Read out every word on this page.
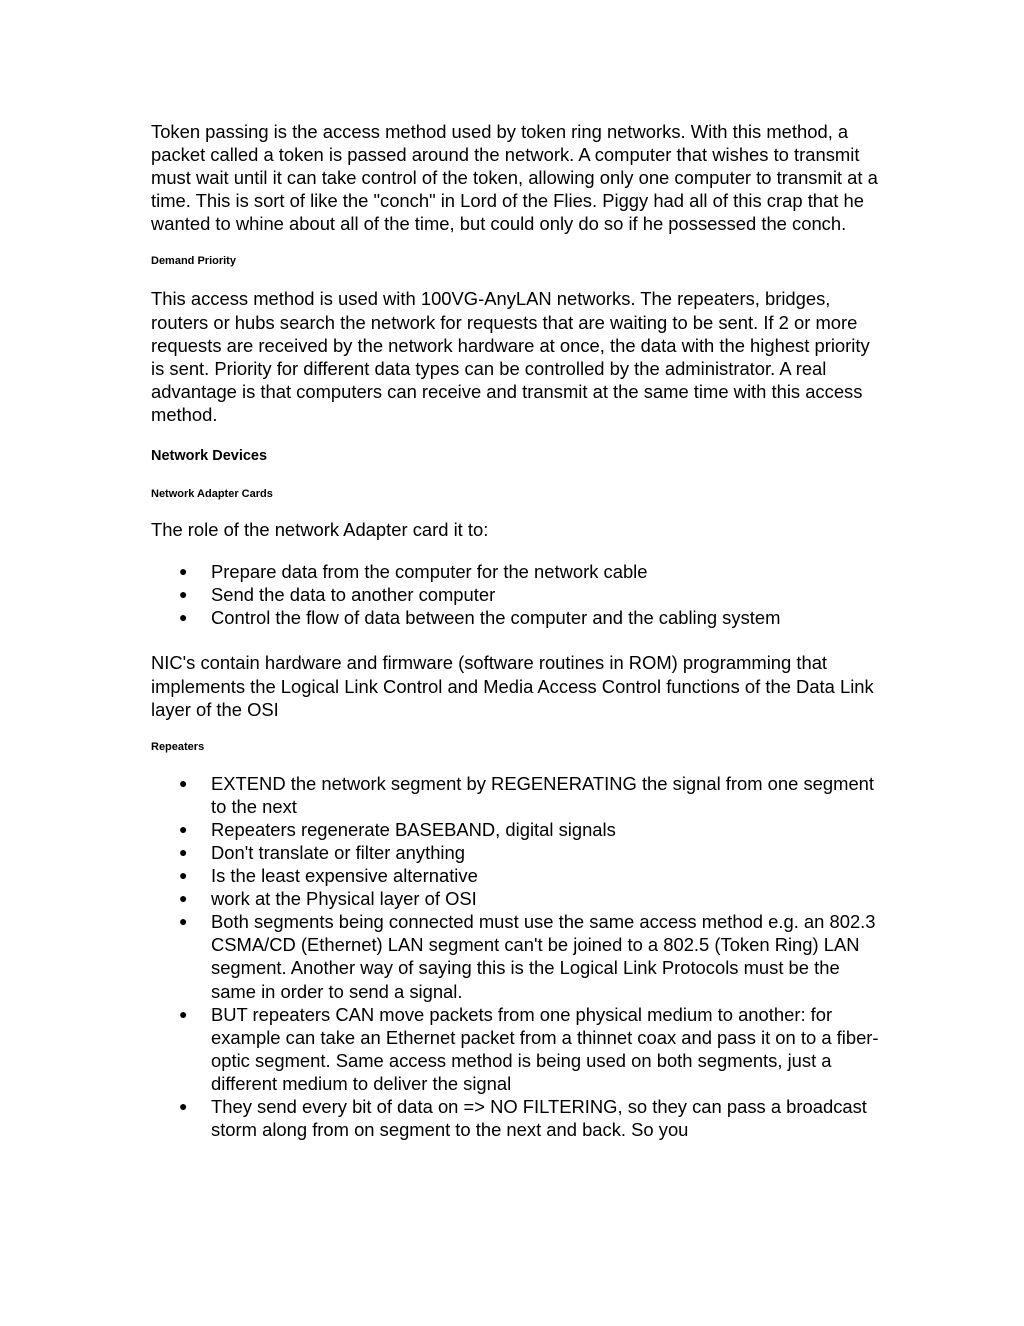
Token passing is the access method used by token ring networks. With this method, a packet called a token is passed around the network. A computer that wishes to transmit must wait until it can take control of the token, allowing only one computer to transmit at a time. This is sort of like the "conch" in Lord of the Flies. Piggy had all of this crap that he wanted to whine about all of the time, but could only do so if he possessed the conch.

Demand Priority

This access method is used with 100VG-AnyLAN networks. The repeaters, bridges, routers or hubs search the network for requests that are waiting to be sent. If 2 or more requests are received by the network hardware at once, the data with the highest priority is sent. Priority for different data types can be controlled by the administrator. A real advantage is that computers can receive and transmit at the same time with this access method.

Network Devices

Network Adapter Cards

The role of the network Adapter card it to:

● Prepare data from the computer for the network cable
● Send the data to another computer
● Control the flow of data between the computer and the cabling system

NIC's contain hardware and firmware (software routines in ROM) programming that implements the Logical Link Control and Media Access Control functions of the Data Link layer of the OSI

Repeaters

● EXTEND the network segment by REGENERATING the signal from one segment to the next
● Repeaters regenerate BASEBAND, digital signals
● Don't translate or filter anything
● Is the least expensive alternative
● work at the Physical layer of OSI
● Both segments being connected must use the same access method e.g. an 802.3 CSMA/CD (Ethernet) LAN segment can't be joined to a 802.5 (Token Ring) LAN segment. Another way of saying this is the Logical Link Protocols must be the same in order to send a signal.
● BUT repeaters CAN move packets from one physical medium to another: for example can take an Ethernet packet from a thinnet coax and pass it on to a fiber-optic segment. Same access method is being used on both segments, just a different medium to deliver the signal
● They send every bit of data on => NO FILTERING, so they can pass a broadcast storm along from on segment to the next and back. So you
